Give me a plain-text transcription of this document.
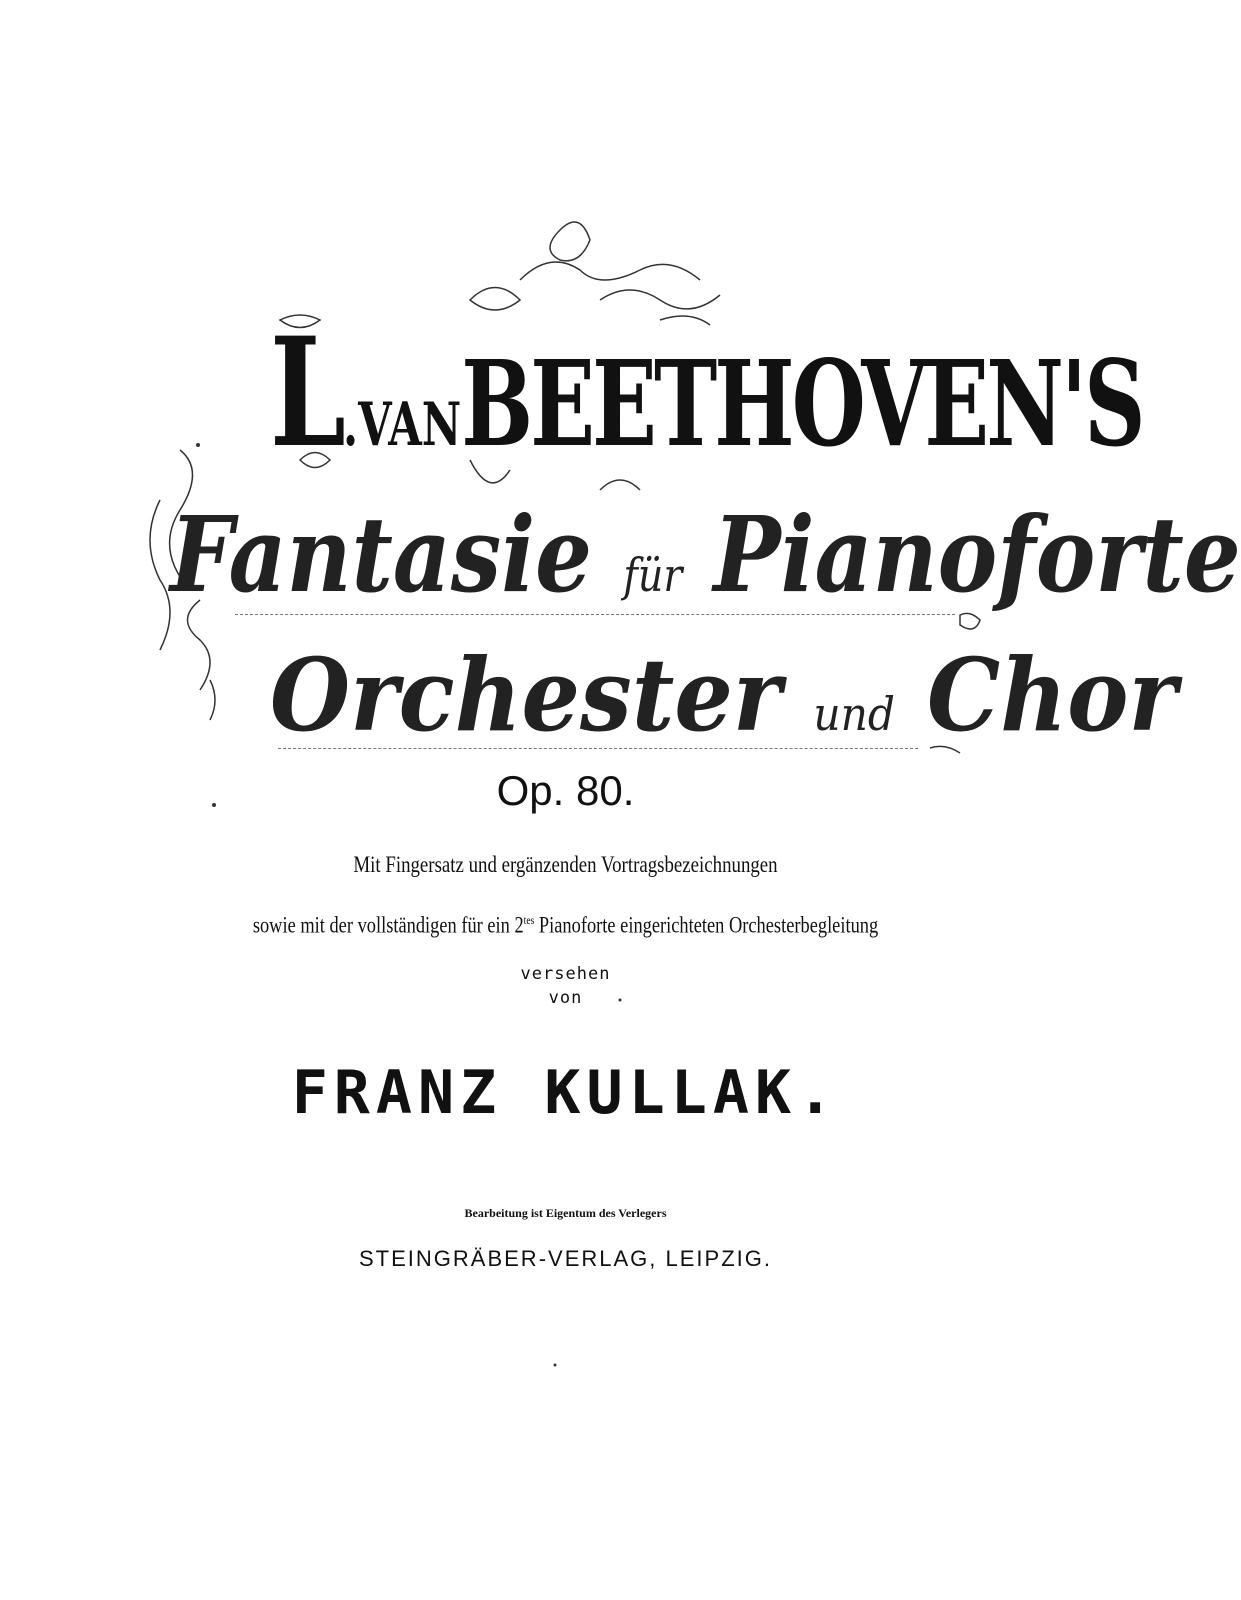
L.VANBEETHOVEN'S
Fantasie für Pianoforte
Orchester und Chor
Op. 80.
Mit Fingersatz und ergänzenden Vortragsbezeichnungen
sowie mit der vollständigen für ein $2^{tes}$ Pianoforte eingerichteten Orchesterbegleitung
versehen
von
FRANZ KULLAK.
Bearbeitung ist Eigentum des Verlegers
STEINGRÄBER-VERLAG, LEIPZIG.
